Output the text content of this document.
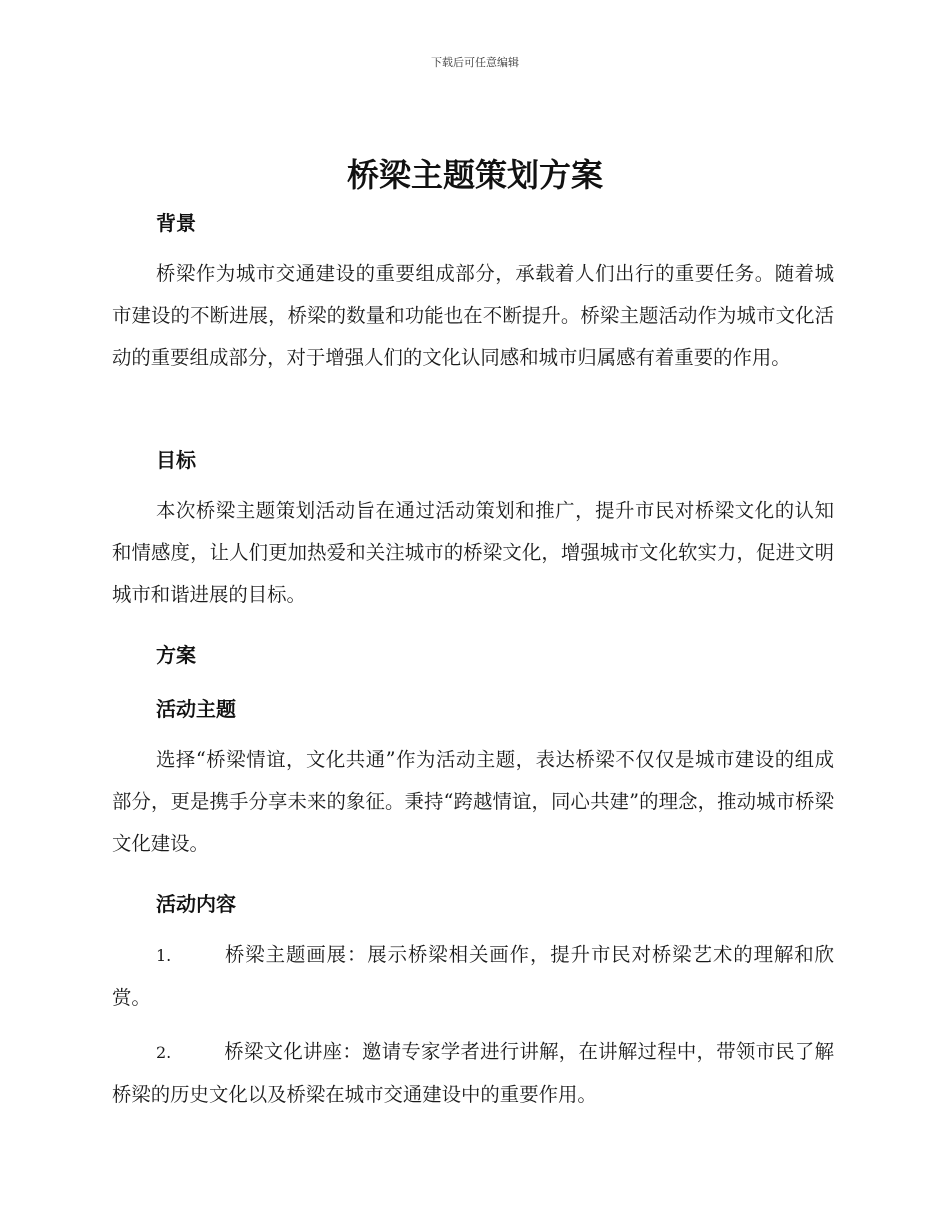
下载后可任意编辑
桥梁主题策划方案
背景

桥梁作为城市交通建设的重要组成部分，承载着人们出行的重要任务。随着城市建设的不断进展，桥梁的数量和功能也在不断提升。桥梁主题活动作为城市文化活动的重要组成部分，对于增强人们的文化认同感和城市归属感有着重要的作用。

目标

本次桥梁主题策划活动旨在通过活动策划和推广，提升市民对桥梁文化的认知和情感度，让人们更加热爱和关注城市的桥梁文化，增强城市文化软实力，促进文明城市和谐进展的目标。

方案
活动主题

选择“桥梁情谊，文化共通”作为活动主题，表达桥梁不仅仅是城市建设的组成部分，更是携手分享未来的象征。秉持“跨越情谊，同心共建”的理念，推动城市桥梁文化建设。

活动内容

1.	桥梁主题画展：展示桥梁相关画作，提升市民对桥梁艺术的理解和欣赏。

2.	桥梁文化讲座：邀请专家学者进行讲解，在讲解过程中，带领市民了解桥梁的历史文化以及桥梁在城市交通建设中的重要作用。
